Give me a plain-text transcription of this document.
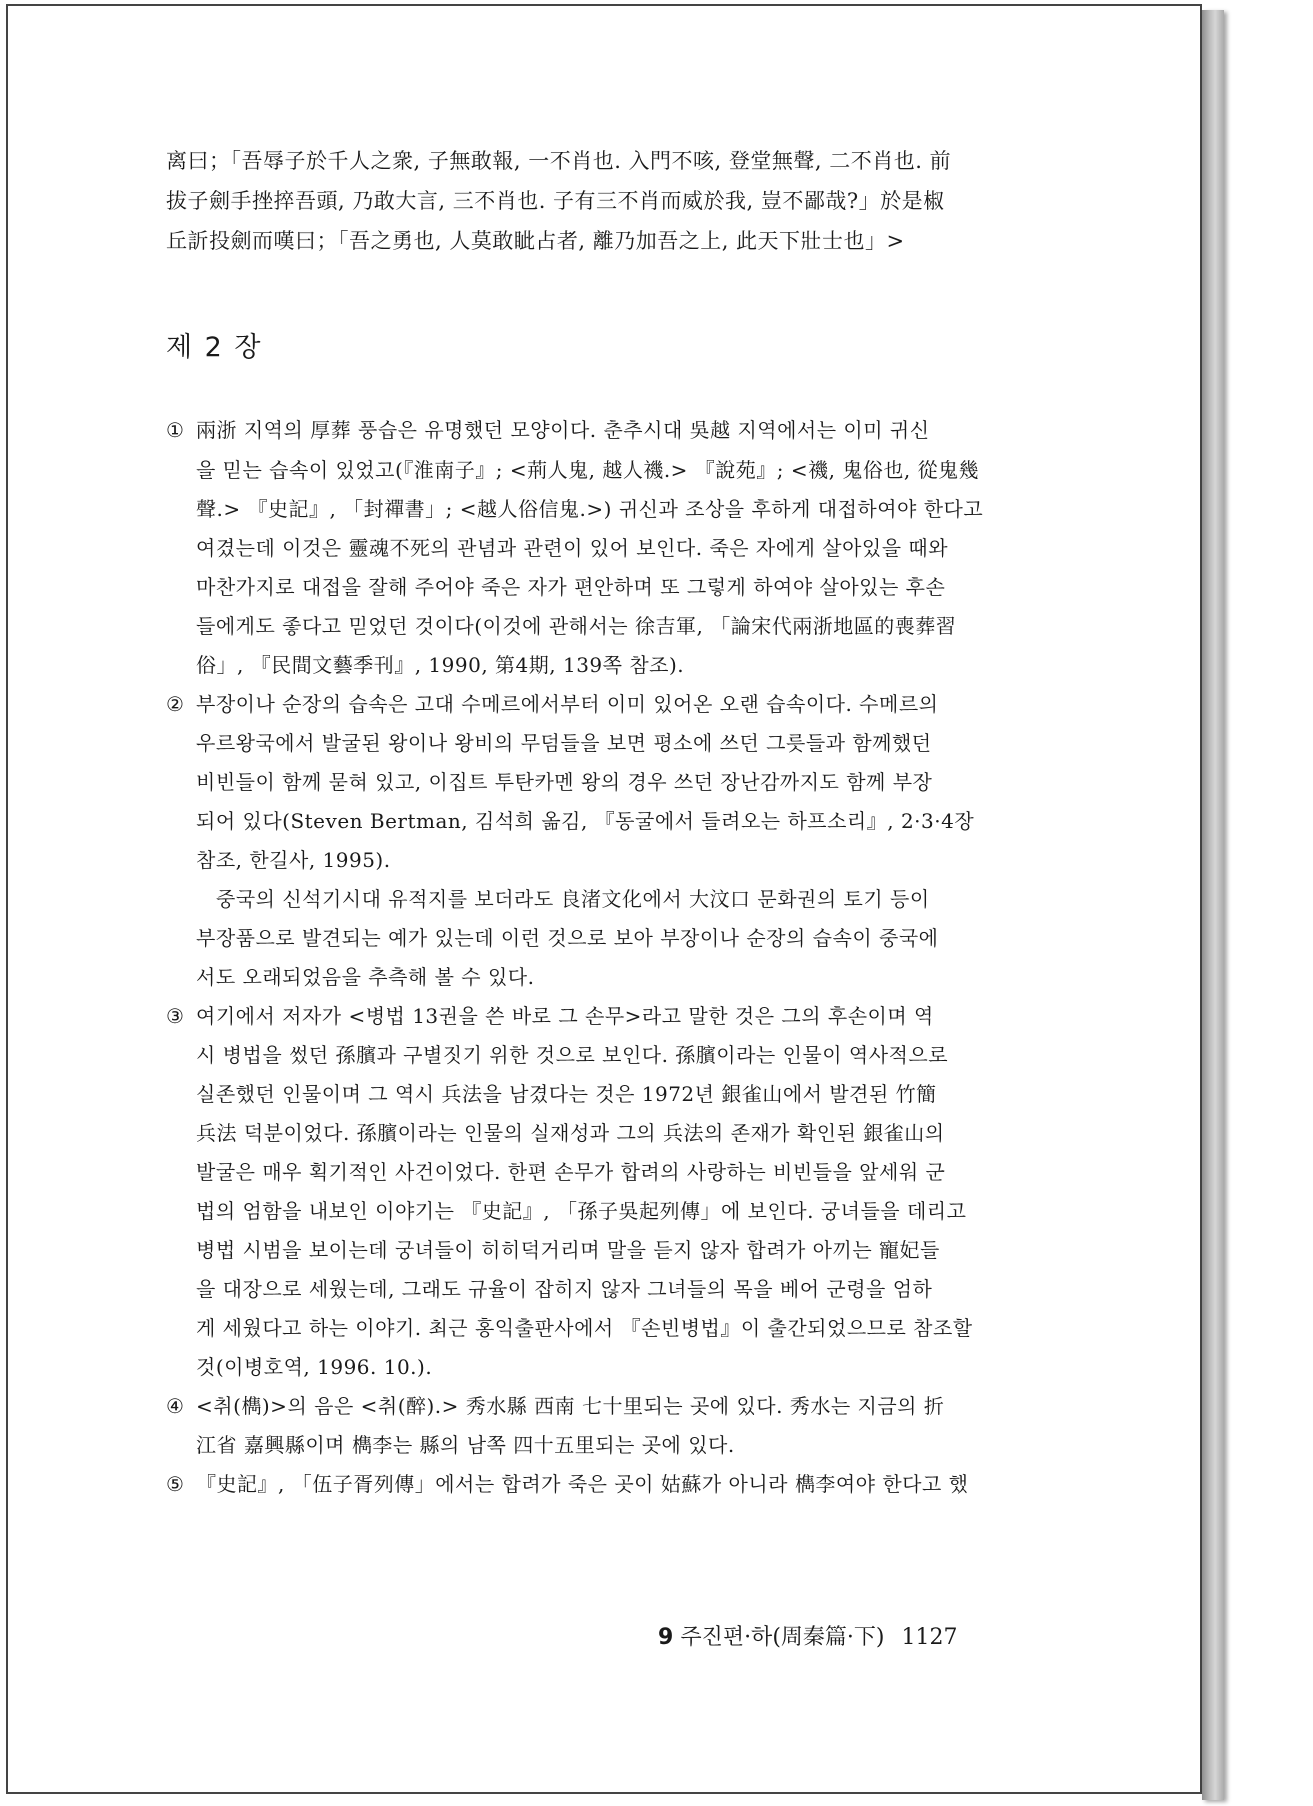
离曰；「吾辱子於千人之衆, 子無敢報, 一不肖也. 入門不咳, 登堂無聲, 二不肖也. 前
拔子劍手挫捽吾頭, 乃敢大言, 三不肖也. 子有三不肖而威於我, 豈不鄙哉?」於是椒
丘訢投劍而嘆曰；「吾之勇也, 人莫敢眦占者, 離乃加吾之上, 此天下壯士也」>
제 2 장
① 兩浙 지역의 厚葬 풍습은 유명했던 모양이다. 춘추시대 吳越 지역에서는 이미 귀신
을 믿는 습속이 있었고(『淮南子』; <荊人鬼, 越人禨.> 『說苑』; <禨, 鬼俗也, 從鬼幾
聲.> 『史記』, 「封禪書」; <越人俗信鬼.>) 귀신과 조상을 후하게 대접하여야 한다고
여겼는데 이것은 靈魂不死의 관념과 관련이 있어 보인다. 죽은 자에게 살아있을 때와
마찬가지로 대접을 잘해 주어야 죽은 자가 편안하며 또 그렇게 하여야 살아있는 후손
들에게도 좋다고 믿었던 것이다(이것에 관해서는 徐吉軍, 「論宋代兩浙地區的喪葬習
俗」, 『民間文藝季刊』, 1990, 第4期, 139쪽 참조).
② 부장이나 순장의 습속은 고대 수메르에서부터 이미 있어온 오랜 습속이다. 수메르의
우르왕국에서 발굴된 왕이나 왕비의 무덤들을 보면 평소에 쓰던 그릇들과 함께했던
비빈들이 함께 묻혀 있고, 이집트 투탄카멘 왕의 경우 쓰던 장난감까지도 함께 부장
되어 있다(Steven Bertman, 김석희 옮김, 『동굴에서 들려오는 하프소리』, 2·3·4장
참조, 한길사, 1995).
중국의 신석기시대 유적지를 보더라도 良渚文化에서 大汶口 문화권의 토기 등이
부장품으로 발견되는 예가 있는데 이런 것으로 보아 부장이나 순장의 습속이 중국에
서도 오래되었음을 추측해 볼 수 있다.
③ 여기에서 저자가 <병법 13권을 쓴 바로 그 손무>라고 말한 것은 그의 후손이며 역
시 병법을 썼던 孫臏과 구별짓기 위한 것으로 보인다. 孫臏이라는 인물이 역사적으로
실존했던 인물이며 그 역시 兵法을 남겼다는 것은 1972년 銀雀山에서 발견된 竹簡
兵法 덕분이었다. 孫臏이라는 인물의 실재성과 그의 兵法의 존재가 확인된 銀雀山의
발굴은 매우 획기적인 사건이었다. 한편 손무가 합려의 사랑하는 비빈들을 앞세워 군
법의 엄함을 내보인 이야기는 『史記』, 「孫子吳起列傳」에 보인다. 궁녀들을 데리고
병법 시범을 보이는데 궁녀들이 히히덕거리며 말을 듣지 않자 합려가 아끼는 寵妃들
을 대장으로 세웠는데, 그래도 규율이 잡히지 않자 그녀들의 목을 베어 군령을 엄하
게 세웠다고 하는 이야기. 최근 홍익출판사에서 『손빈병법』이 출간되었으므로 참조할
것(이병호역, 1996. 10.).
④ <취(檇)>의 음은 <취(醉).> 秀水縣 西南 七十里되는 곳에 있다. 秀水는 지금의 折
江省 嘉興縣이며 檇李는 縣의 남쪽 四十五里되는 곳에 있다.
⑤ 『史記』, 「伍子胥列傳」에서는 합려가 죽은 곳이 姑蘇가 아니라 檇李여야 한다고 했
9 주진편·하(周秦篇·下) 1127
